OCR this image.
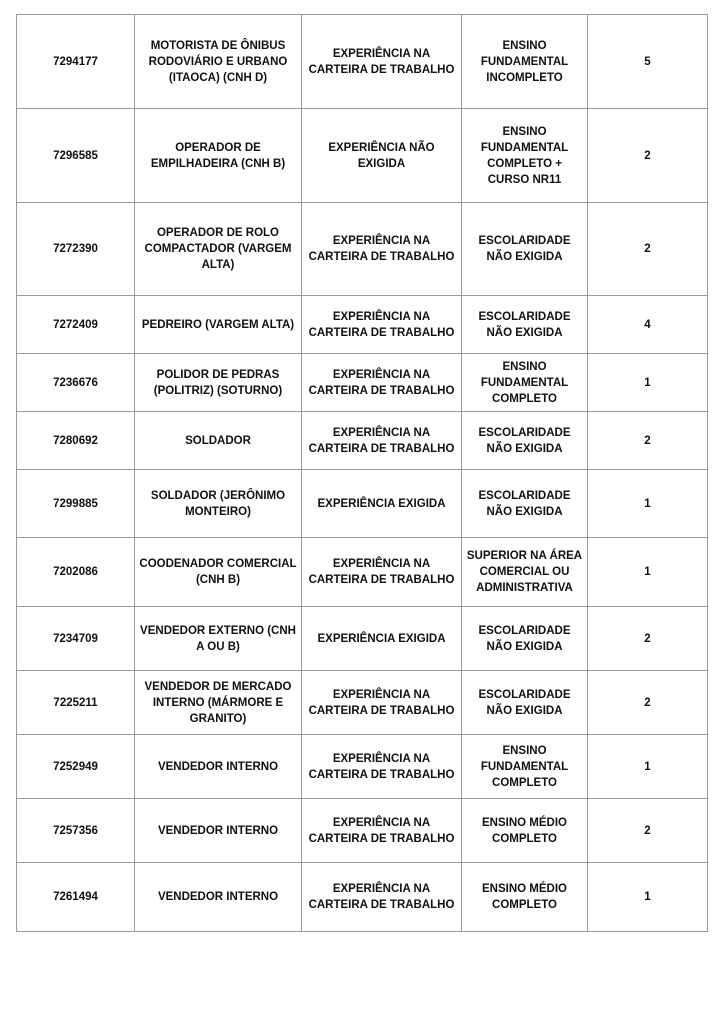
7294177	MOTORISTA DE ÔNIBUS RODOVIÁRIO E URBANO (ITAOCA) (CNH D)	EXPERIÊNCIA NA CARTEIRA DE TRABALHO	ENSINO FUNDAMENTAL INCOMPLETO	5
7296585	OPERADOR DE EMPILHADEIRA (CNH B)	EXPERIÊNCIA NÃO EXIGIDA	ENSINO FUNDAMENTAL COMPLETO + CURSO NR11	2
7272390	OPERADOR DE ROLO COMPACTADOR (VARGEM ALTA)	EXPERIÊNCIA NA CARTEIRA DE TRABALHO	ESCOLARIDADE NÃO EXIGIDA	2
7272409	PEDREIRO (VARGEM ALTA)	EXPERIÊNCIA NA CARTEIRA DE TRABALHO	ESCOLARIDADE NÃO EXIGIDA	4
7236676	POLIDOR DE PEDRAS (POLITRIZ) (SOTURNO)	EXPERIÊNCIA NA CARTEIRA DE TRABALHO	ENSINO FUNDAMENTAL COMPLETO	1
7280692	SOLDADOR	EXPERIÊNCIA NA CARTEIRA DE TRABALHO	ESCOLARIDADE NÃO EXIGIDA	2
7299885	SOLDADOR (JERÔNIMO MONTEIRO)	EXPERIÊNCIA EXIGIDA	ESCOLARIDADE NÃO EXIGIDA	1
7202086	COODENADOR COMERCIAL (CNH B)	EXPERIÊNCIA NA CARTEIRA DE TRABALHO	SUPERIOR NA ÁREA COMERCIAL OU ADMINISTRATIVA	1
7234709	VENDEDOR EXTERNO (CNH A OU B)	EXPERIÊNCIA EXIGIDA	ESCOLARIDADE NÃO EXIGIDA	2
7225211	VENDEDOR DE MERCADO INTERNO (MÁRMORE E GRANITO)	EXPERIÊNCIA NA CARTEIRA DE TRABALHO	ESCOLARIDADE NÃO EXIGIDA	2
7252949	VENDEDOR INTERNO	EXPERIÊNCIA NA CARTEIRA DE TRABALHO	ENSINO FUNDAMENTAL COMPLETO	1
7257356	VENDEDOR INTERNO	EXPERIÊNCIA NA CARTEIRA DE TRABALHO	ENSINO MÉDIO COMPLETO	2
7261494	VENDEDOR INTERNO	EXPERIÊNCIA NA CARTEIRA DE TRABALHO	ENSINO MÉDIO COMPLETO	1
